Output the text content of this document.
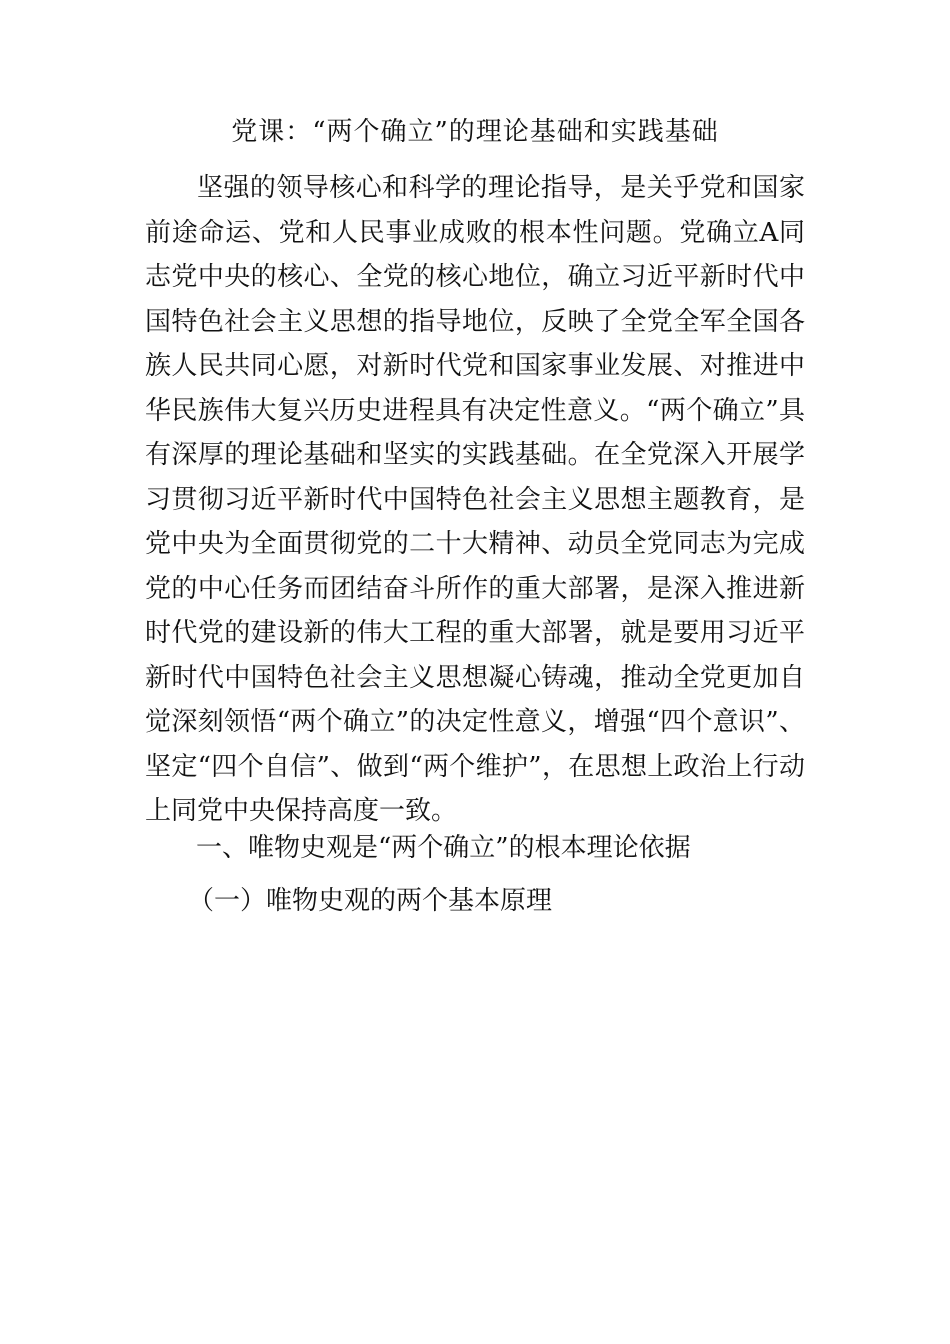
党课：“两个确立”的理论基础和实践基础

坚强的领导核心和科学的理论指导，是关乎党和国家前途命运、党和人民事业成败的根本性问题。党确立A同志党中央的核心、全党的核心地位，确立习近平新时代中国特色社会主义思想的指导地位，反映了全党全军全国各族人民共同心愿，对新时代党和国家事业发展、对推进中华民族伟大复兴历史进程具有决定性意义。“两个确立”具有深厚的理论基础和坚实的实践基础。在全党深入开展学习贯彻习近平新时代中国特色社会主义思想主题教育，是党中央为全面贯彻党的二十大精神、动员全党同志为完成党的中心任务而团结奋斗所作的重大部署，是深入推进新时代党的建设新的伟大工程的重大部署，就是要用习近平新时代中国特色社会主义思想凝心铸魂，推动全党更加自觉深刻领悟“两个确立”的决定性意义，增强“四个意识”、坚定“四个自信”、做到“两个维护”，在思想上政治上行动上同党中央保持高度一致。

一、唯物史观是“两个确立”的根本理论依据
（一）唯物史观的两个基本原理
